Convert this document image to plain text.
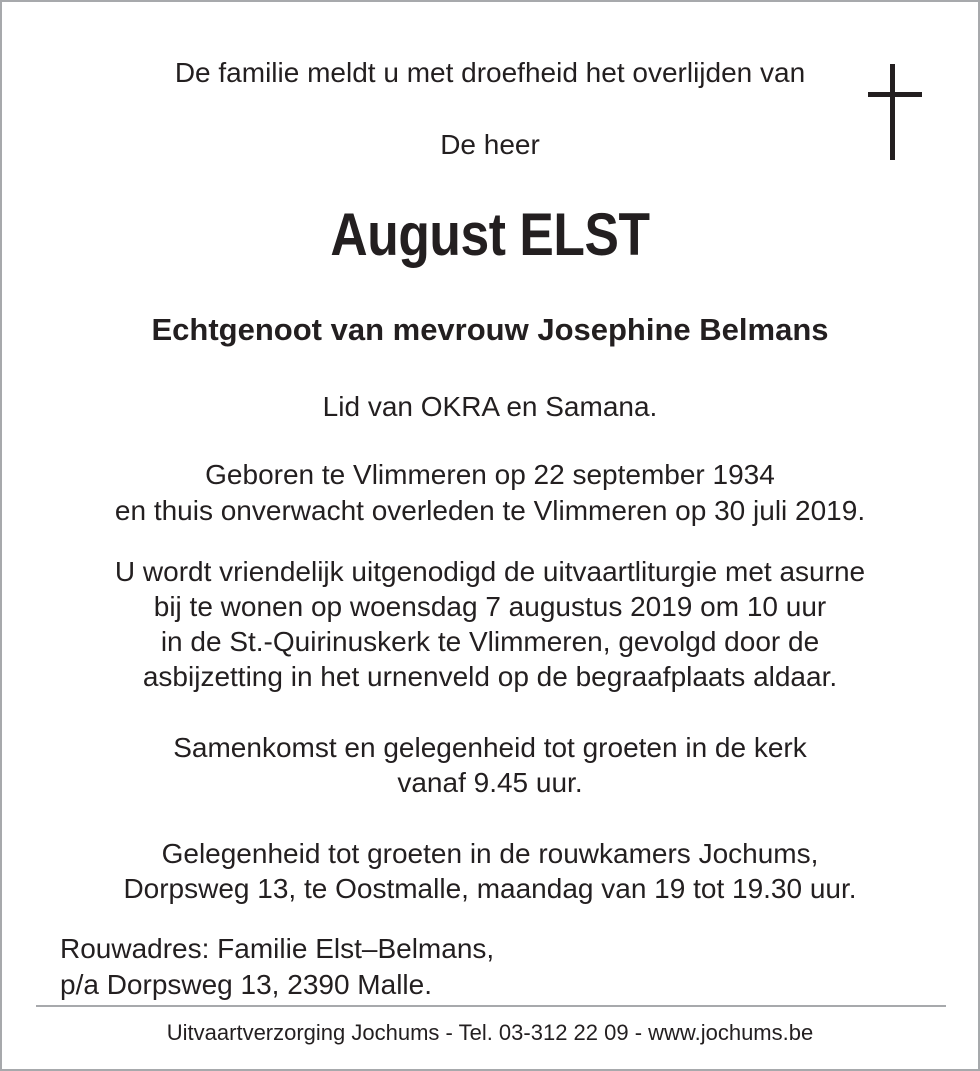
De familie meldt u met droefheid het overlijden van
De heer
August ELST
Echtgenoot van mevrouw Josephine Belmans
Lid van OKRA en Samana.
Geboren te Vlimmeren op 22 september 1934
en thuis onverwacht overleden te Vlimmeren op 30 juli 2019.
U wordt vriendelijk uitgenodigd de uitvaartliturgie met asurne
bij te wonen op woensdag 7 augustus 2019 om 10 uur
in de St.-Quirinuskerk te Vlimmeren, gevolgd door de
asbijzetting in het urnenveld op de begraafplaats aldaar.
Samenkomst en gelegenheid tot groeten in de kerk
vanaf 9.45 uur.
Gelegenheid tot groeten in de rouwkamers Jochums,
Dorpsweg 13, te Oostmalle, maandag van 19 tot 19.30 uur.
Rouwadres: Familie Elst–Belmans,
p/a Dorpsweg 13, 2390 Malle.
Uitvaartverzorging Jochums - Tel. 03-312 22 09 - www.jochums.be
